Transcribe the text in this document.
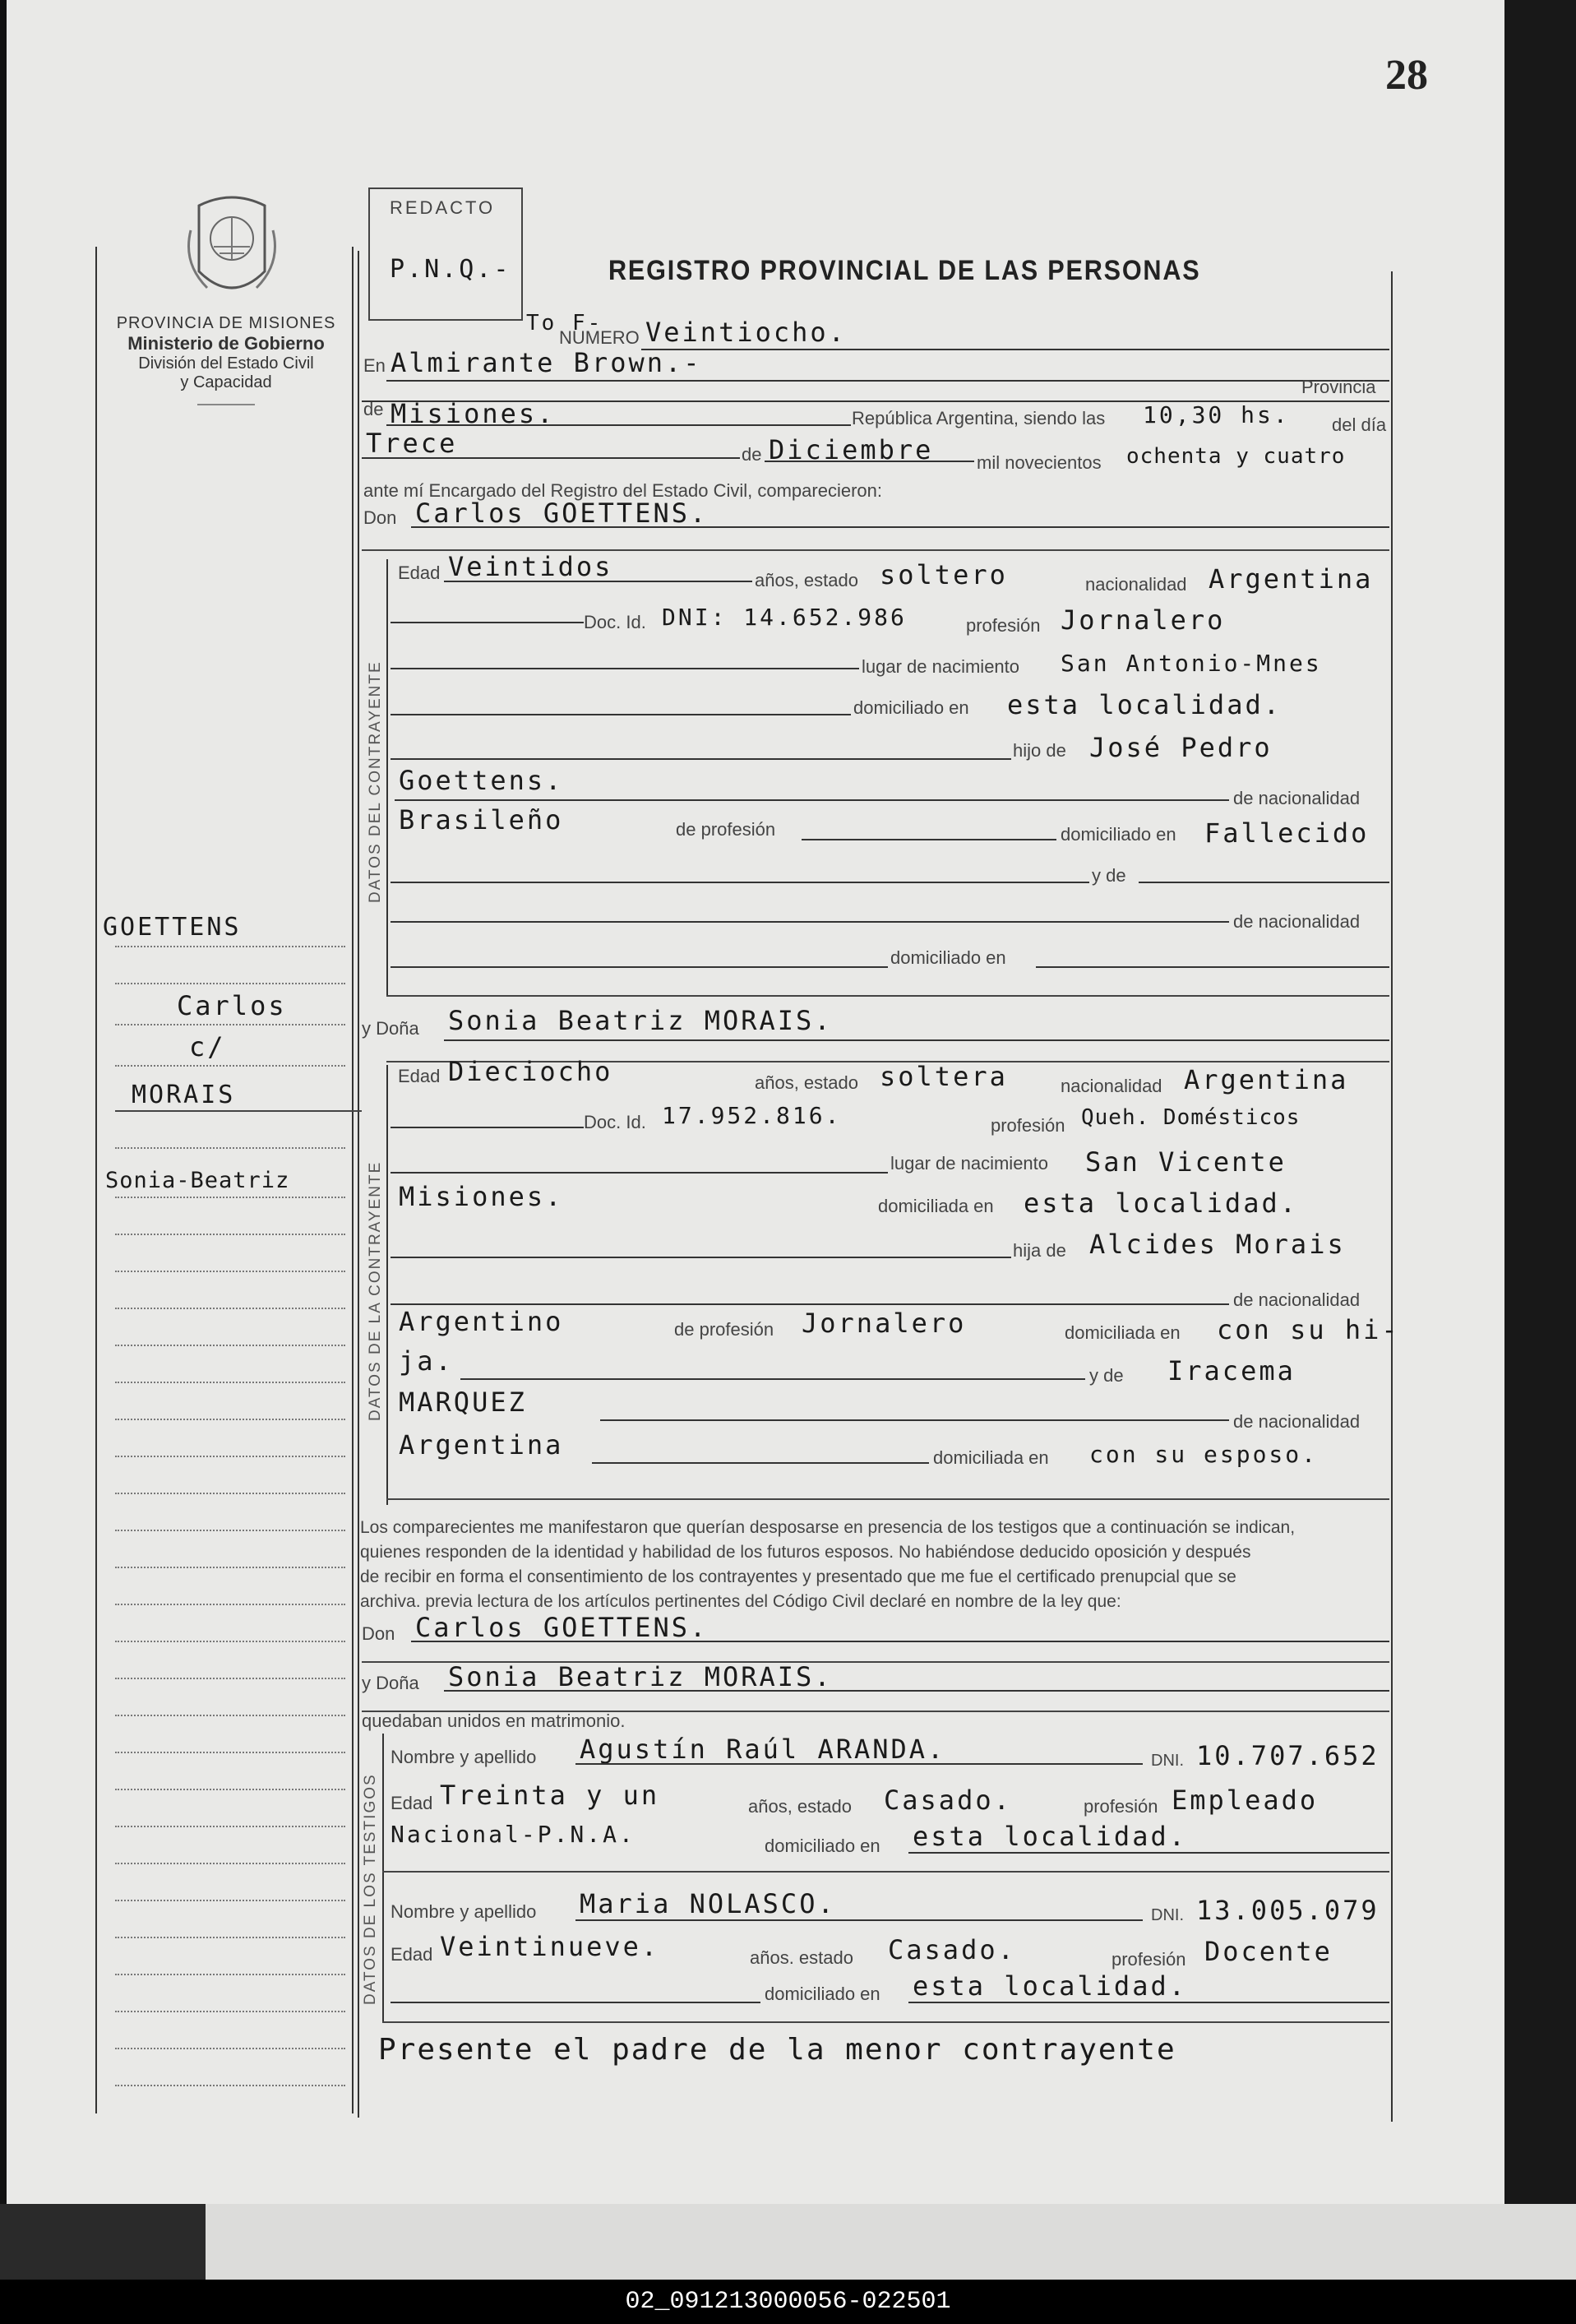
28
PROVINCIA DE MISIONES
Ministerio de Gobierno
División del Estado Civil
y Capacidad
REDACTO
P.N.Q.-	REGISTRO PROVINCIAL DE LAS PERSONAS
To F-
NUMERO Veintiocho.
En Almirante Brown.-
Provincia
de Misiones.	República Argentina, siendo las 10,30 hs. del día
Trece	de Diciembre mil novecientos ochenta y cuatro
ante mí Encargado del Registro del Estado Civil, comparecieron:
Don Carlos GOETTENS.
DATOS DEL CONTRAYENTE
Edad Veintidos	años, estado soltero	nacionalidad Argentina
Doc. Id. DNI: 14.652.986	profesión Jornalero
lugar de nacimiento San Antonio-Mnes
domiciliado en esta localidad.
hijo de José Pedro
Goettens.
de nacionalidad
Brasileño	de profesión	domiciliado en Fallecido
y de
de nacionalidad
domiciliado en
GOETTENS
Carlos
c/
MORAIS
Sonia-Beatriz
y Doña Sonia Beatriz MORAIS.
DATOS DE LA CONTRAYENTE
Edad Dieciocho	años, estado soltera	nacionalidad Argentina
Doc. Id. 17.952.816.	profesión Queh. Domésticos
lugar de nacimiento San Vicente
Misiones.	domiciliada en esta localidad.
hija de Alcides Morais
de nacionalidad
Argentino	de profesión Jornalero	domiciliada en con su hi-
ja.	y de Iracema
MARQUEZ
de nacionalidad
Argentina	domiciliada en con su esposo.
Los comparecientes me manifestaron que querían desposarse en presencia de los testigos que a continuación se indican,
quienes responden de la identidad y habilidad de los futuros esposos. No habiéndose deducido oposición y después
de recibir en forma el consentimiento de los contrayentes y presentado que me fue el certificado prenupcial que se
archiva. previa lectura de los artículos pertinentes del Código Civil declaré en nombre de la ley que:
Don Carlos GOETTENS.
y Doña Sonia Beatriz MORAIS.
quedaban unidos en matrimonio.
DATOS DE LOS TESTIGOS
Nombre y apellido Agustín Raúl ARANDA.	DNI. 10.707.652
Edad Treinta y un	años, estado Casado.	profesión Empleado
Nacional-P.N.A.	domiciliado en esta localidad.
Nombre y apellido Maria NOLASCO.	DNI. 13.005.079
Edad Veintinueve.	años. estado Casado.	profesión Docente
domiciliado en esta localidad.
Presente el padre de la menor contrayente
02_091213000056-022501
